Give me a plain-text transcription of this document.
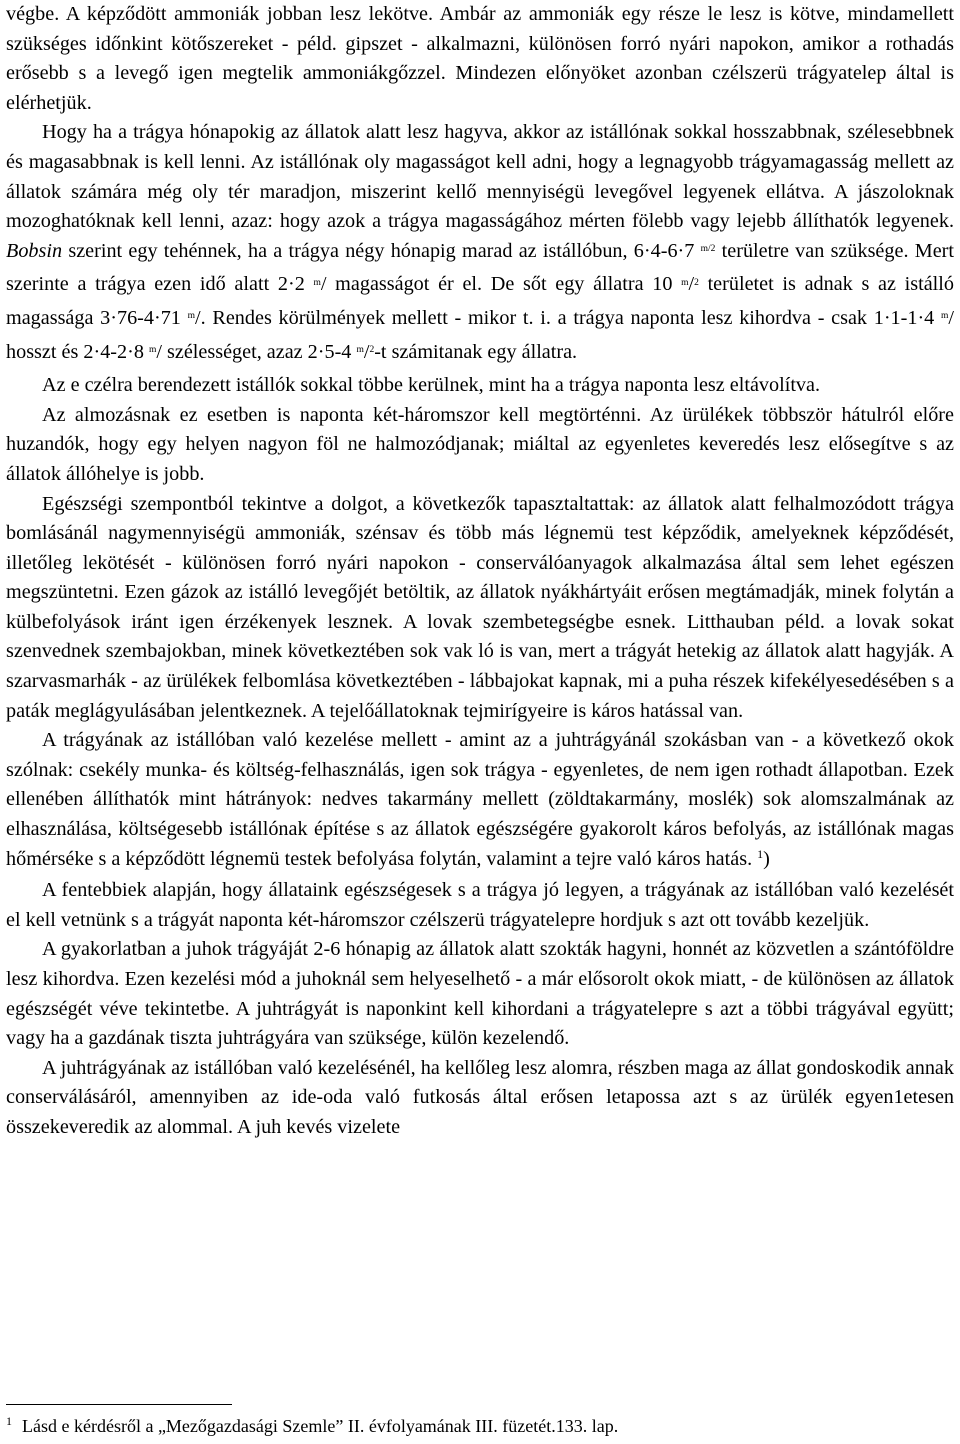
végbe. A képződött ammoniák jobban lesz lekötve. Ambár az ammoniák egy része le lesz is kötve, mindamellett szükséges időnkint kötőszereket - péld. gipszet - alkalmazni, különösen forró nyári napokon, amikor a rothadás erősebb s a levegő igen megtelik ammoniákgőzzel. Mindezen előnyöket azonban czélszerü trágyatelep által is elérhetjük.

Hogy ha a trágya hónapokig az állatok alatt lesz hagyva, akkor az istállónak sokkal hosszabbnak, szélesebbnek és magasabbnak is kell lenni. Az istállónak oly magasságot kell adni, hogy a legnagyobb trágyamagasság mellett az állatok számára még oly tér maradjon, miszerint kellő mennyiségü levegővel legyenek ellátva. A jászoloknak mozoghatóknak kell lenni, azaz: hogy azok a trágya magasságához mérten fölebb vagy lejebb állíthatók legyenek. Bobsin szerint egy tehénnek, ha a trágya négy hónapig marad az istállóbun, 6·4-6·7 $^{m/2}$ területre van szüksége. Mert szerinte a trágya ezen idő alatt 2·2 $^m$/ magasságot ér el. De sőt egy állatra 10 $^m$/$^2$ területet is adnak s az istálló magassága 3·76-4·71 $^m$/. Rendes körülmények mellett - mikor t. i. a trágya naponta lesz kihordva - csak 1·1-1·4 $^m$/ hosszt és 2·4-2·8 $^m$/ szélességet, azaz 2·5-4 $^m$/$^2$-t számitanak egy állatra.

Az e czélra berendezett istállók sokkal többe kerülnek, mint ha a trágya naponta lesz eltávolítva.

Az almozásnak ez esetben is naponta két-háromszor kell megtörténni. Az ürülékek többször hátulról előre huzandók, hogy egy helyen nagyon föl ne halmozódjanak; miáltal az egyenletes keveredés lesz elősegítve s az állatok állóhelye is jobb.

Egészségi szempontból tekintve a dolgot, a következők tapasztaltattak: az állatok alatt felhalmozódott trágya bomlásánál nagymennyiségü ammoniák, szénsav és több más légnemü test képződik, amelyeknek képződését, illetőleg lekötését - különösen forró nyári napokon - conserválóanyagok alkalmazása által sem lehet egészen megszüntetni. Ezen gázok az istálló levegőjét betöltik, az állatok nyákhártyáit erősen megtámadják, minek folytán a külbefolyások iránt igen érzékenyek lesznek. A lovak szembetegségbe esnek. Litthauban péld. a lovak sokat szenvednek szembajokban, minek következtében sok vak ló is van, mert a trágyát hetekig az állatok alatt hagyják. A szarvasmarhák - az ürülékek felbomlása következtében - lábbajokat kapnak, mi a puha részek kifekélyesedésében s a paták meglágyulásában jelentkeznek. A tejelőállatoknak tejmirígyeire is káros hatással van.

A trágyának az istállóban való kezelése mellett - amint az a juhtrágyánál szokásban van - a következő okok szólnak: csekély munka- és költség-felhasználás, igen sok trágya - egyenletes, de nem igen rothadt állapotban. Ezek ellenében állíthatók mint hátrányok: nedves takarmány mellett (zöldtakarmány, moslék) sok alomszalmának az elhasználása, költségesebb istállónak építése s az állatok egészségére gyakorolt káros befolyás, az istállónak magas hőmérséke s a képződött légnemü testek befolyása folytán, valamint a tejre való káros hatás. $^1$)

A fentebbiek alapján, hogy állataink egészségesek s a trágya jó legyen, a trágyának az istállóban való kezelését el kell vetnünk s a trágyát naponta két-háromszor czélszerü trágyatelepre hordjuk s azt ott tovább kezeljük.

A gyakorlatban a juhok trágyáját 2-6 hónapig az állatok alatt szokták hagyni, honnét az közvetlen a szántóföldre lesz kihordva. Ezen kezelési mód a juhoknál sem helyeselhető - a már elősorolt okok miatt, - de különösen az állatok egészségét véve tekintetbe. A juhtrágyát is naponkint kell kihordani a trágyatelepre s azt a többi trágyával együtt; vagy ha a gazdának tiszta juhtrágyára van szüksége, külön kezelendő.

A juhtrágyának az istállóban való kezelésénél, ha kellőleg lesz alomra, részben maga az állat gondoskodik annak conserválásáról, amennyiben az ide-oda való futkosás által erősen letapossa azt s az ürülék egyen1etesen összekeveredik az alommal. A juh kevés vizelete

$^1$ Lásd e kérdésről a „Mezőgazdasági Szemle” II. évfolyamának III. füzetét.133. lap.
